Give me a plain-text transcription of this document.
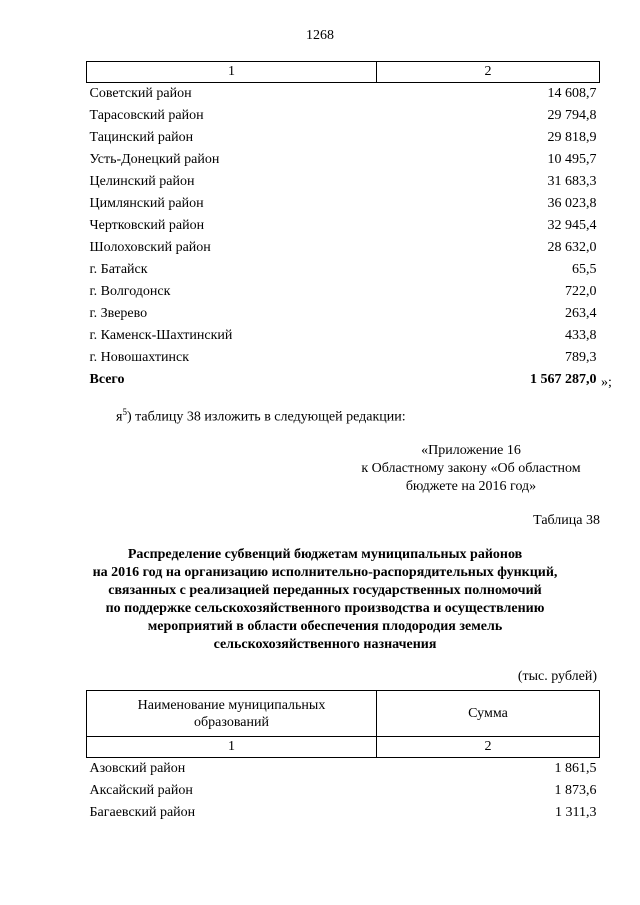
1268
1	2
Советский район	14 608,7
Тарасовский район	29 794,8
Тацинский район	29 818,9
Усть-Донецкий район	10 495,7
Целинский район	31 683,3
Цимлянский район	36 023,8
Чертковский район	32 945,4
Шолоховский район	28 632,0
г. Батайск	65,5
г. Волгодонск	722,0
г. Зверево	263,4
г. Каменск-Шахтинский	433,8
г. Новошахтинск	789,3
Всего	1 567 287,0 »;
$я^5$) таблицу 38 изложить в следующей редакции:
«Приложение 16
к Областному закону «Об областном
бюджете на 2016 год»
Таблица 38
Распределение субвенций бюджетам муниципальных районов
на 2016 год на организацию исполнительно-распорядительных функций,
связанных с реализацией переданных государственных полномочий
по поддержке сельскохозяйственного производства и осуществлению
мероприятий в области обеспечения плодородия земель
сельскохозяйственного назначения
(тыс. рублей)
Наименование муниципальных
образований	Сумма
1	2
Азовский район	1 861,5
Аксайский район	1 873,6
Багаевский район	1 311,3
